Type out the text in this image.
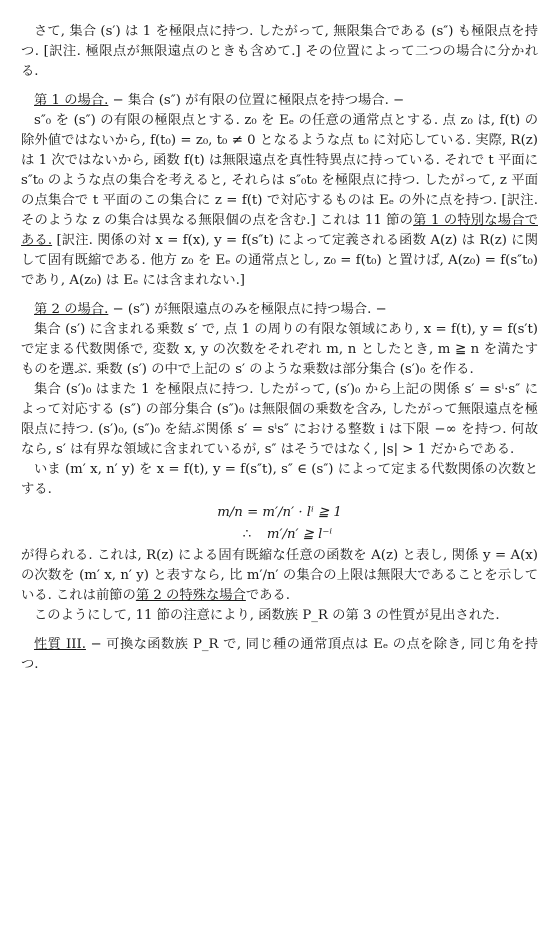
さて, 集合 (s′) は 1 を極限点に持つ. したがって, 無限集合である (s″) も極限点を持つ. [訳注. 極限点が無限遠点のときも含めて.] その位置によって二つの場合に分かれる.

第 1 の場合. − 集合 (s″) が有限の位置に極限点を持つ場合. −

s″₀ を (s″) の有限の極限点とする. z₀ を Eₑ の任意の通常点とする. 点 z₀ は, f(t) の除外値ではないから, f(t₀) = z₀, t₀ ≠ 0 となるような点 t₀ に対応している. 実際, R(z) は 1 次ではないから, 函数 f(t) は無限遠点を真性特異点に持っている. それで t 平面に s″t₀ のような点の集合を考えると, それらは s″₀t₀ を極限点に持つ. したがって, z 平面の点集合で t 平面のこの集合に z = f(t) で対応するものは Eₑ の外に点を持つ. [訳注. そのような z の集合は異なる無限個の点を含む.] これは 11 節の第 1 の特別な場合である. [訳注. 関係の対 x = f(x), y = f(s″t) によって定義される函数 A(z) は R(z) に関して固有既縮である. 他方 z₀ を Eₑ の通常点とし, z₀ = f(t₀) と置けば, A(z₀) = f(s″t₀) であり, A(z₀) は Eₑ には含まれない.]

第 2 の場合. − (s″) が無限遠点のみを極限点に持つ場合. −

集合 (s′) に含まれる乗数 s′ で, 点 1 の周りの有限な領域にあり, x = f(t), y = f(s′t) で定まる代数関係で, 変数 x, y の次数をそれぞれ m, n としたとき, m ≧ n を満たすものを選ぶ. 乗数 (s′) の中で上記の s′ のような乗数は部分集合 (s′)₀ を作る.

集合 (s′)₀ はまた 1 を極限点に持つ. したがって, (s′)₀ から上記の関係 s′ = sⁱ·s″ によって対応する (s″) の部分集合 (s″)₀ は無限個の乗数を含み, したがって無限遠点を極限点に持つ. (s′)₀, (s″)₀ を結ぶ関係 s′ = sⁱs″ における整数 i は下限 −∞ を持つ. 何故なら, s′ は有界な領域に含まれているが, s″ はそうではなく, |s| > 1 だからである.

いま (m′ x, n′ y) を x = f(t), y = f(s″t), s″ ∈ (s″) によって定まる代数関係の次数とする.

m/n = m′/n′ · lⁱ ≧ 1
∴ m′/n′ ≧ l⁻ⁱ

が得られる. これは, R(z) による固有既縮な任意の函数を A(z) と表し, 関係 y = A(x) の次数を (m′ x, n′ y) と表すなら, 比 m′/n′ の集合の上限は無限大であることを示している. これは前節の第 2 の特殊な場合である.

このようにして, 11 節の注意により, 函数族 P_R の第 3 の性質が見出された.

性質 III. − 可換な函数族 P_R で, 同じ種の通常頂点は Eₑ の点を除き, 同じ角を持つ.
